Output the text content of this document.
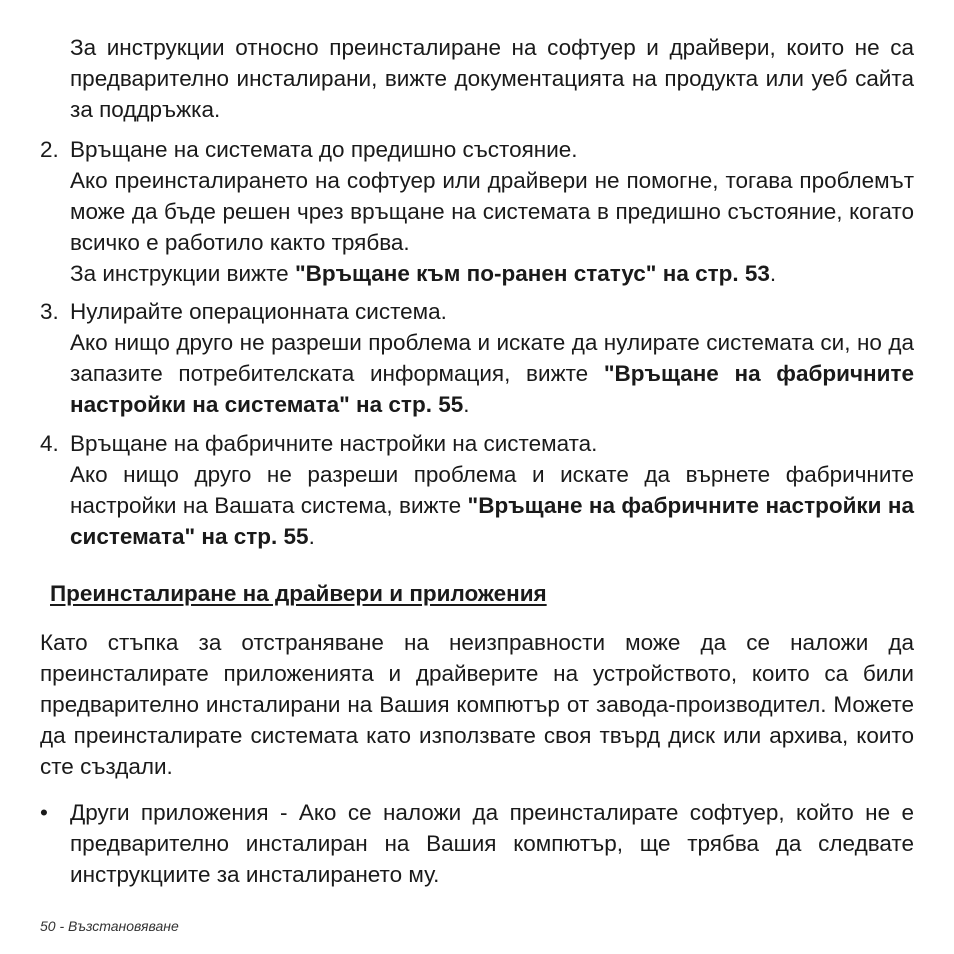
За инструкции относно преинсталиране на софтуер и драйвери, които не са предварително инсталирани, вижте документацията на продукта или уеб сайта за поддръжка.

2. Връщане на системата до предишно състояние.

Ако преинсталирането на софтуер или драйвери не помогне, тогава проблемът може да бъде решен чрез връщане на системата в предишно състояние, когато всичко е работило както трябва.

За инструкции вижте "Връщане към по-ранен статус" на стр. 53.

3. Нулирайте операционната система.

Ако нищо друго не разреши проблема и искате да нулирате системата си, но да запазите потребителската информация, вижте "Връщане на фабричните настройки на системата" на стр. 55.

4. Връщане на фабричните настройки на системата.

Ако нищо друго не разреши проблема и искате да върнете фабричните настройки на Вашата система, вижте "Връщане на фабричните настройки на системата" на стр. 55.

Преинсталиране на драйвери и приложения

Като стъпка за отстраняване на неизправности може да се наложи да преинсталирате приложенията и драйверите на устройството, които са били предварително инсталирани на Вашия компютър от завода-производител. Можете да преинсталирате системата като използвате своя твърд диск или архива, които сте създали.

• Други приложения - Ако се наложи да преинсталирате софтуер, който не е предварително инсталиран на Вашия компютър, ще трябва да следвате инструкциите за инсталирането му.

50 - Възстановяване
